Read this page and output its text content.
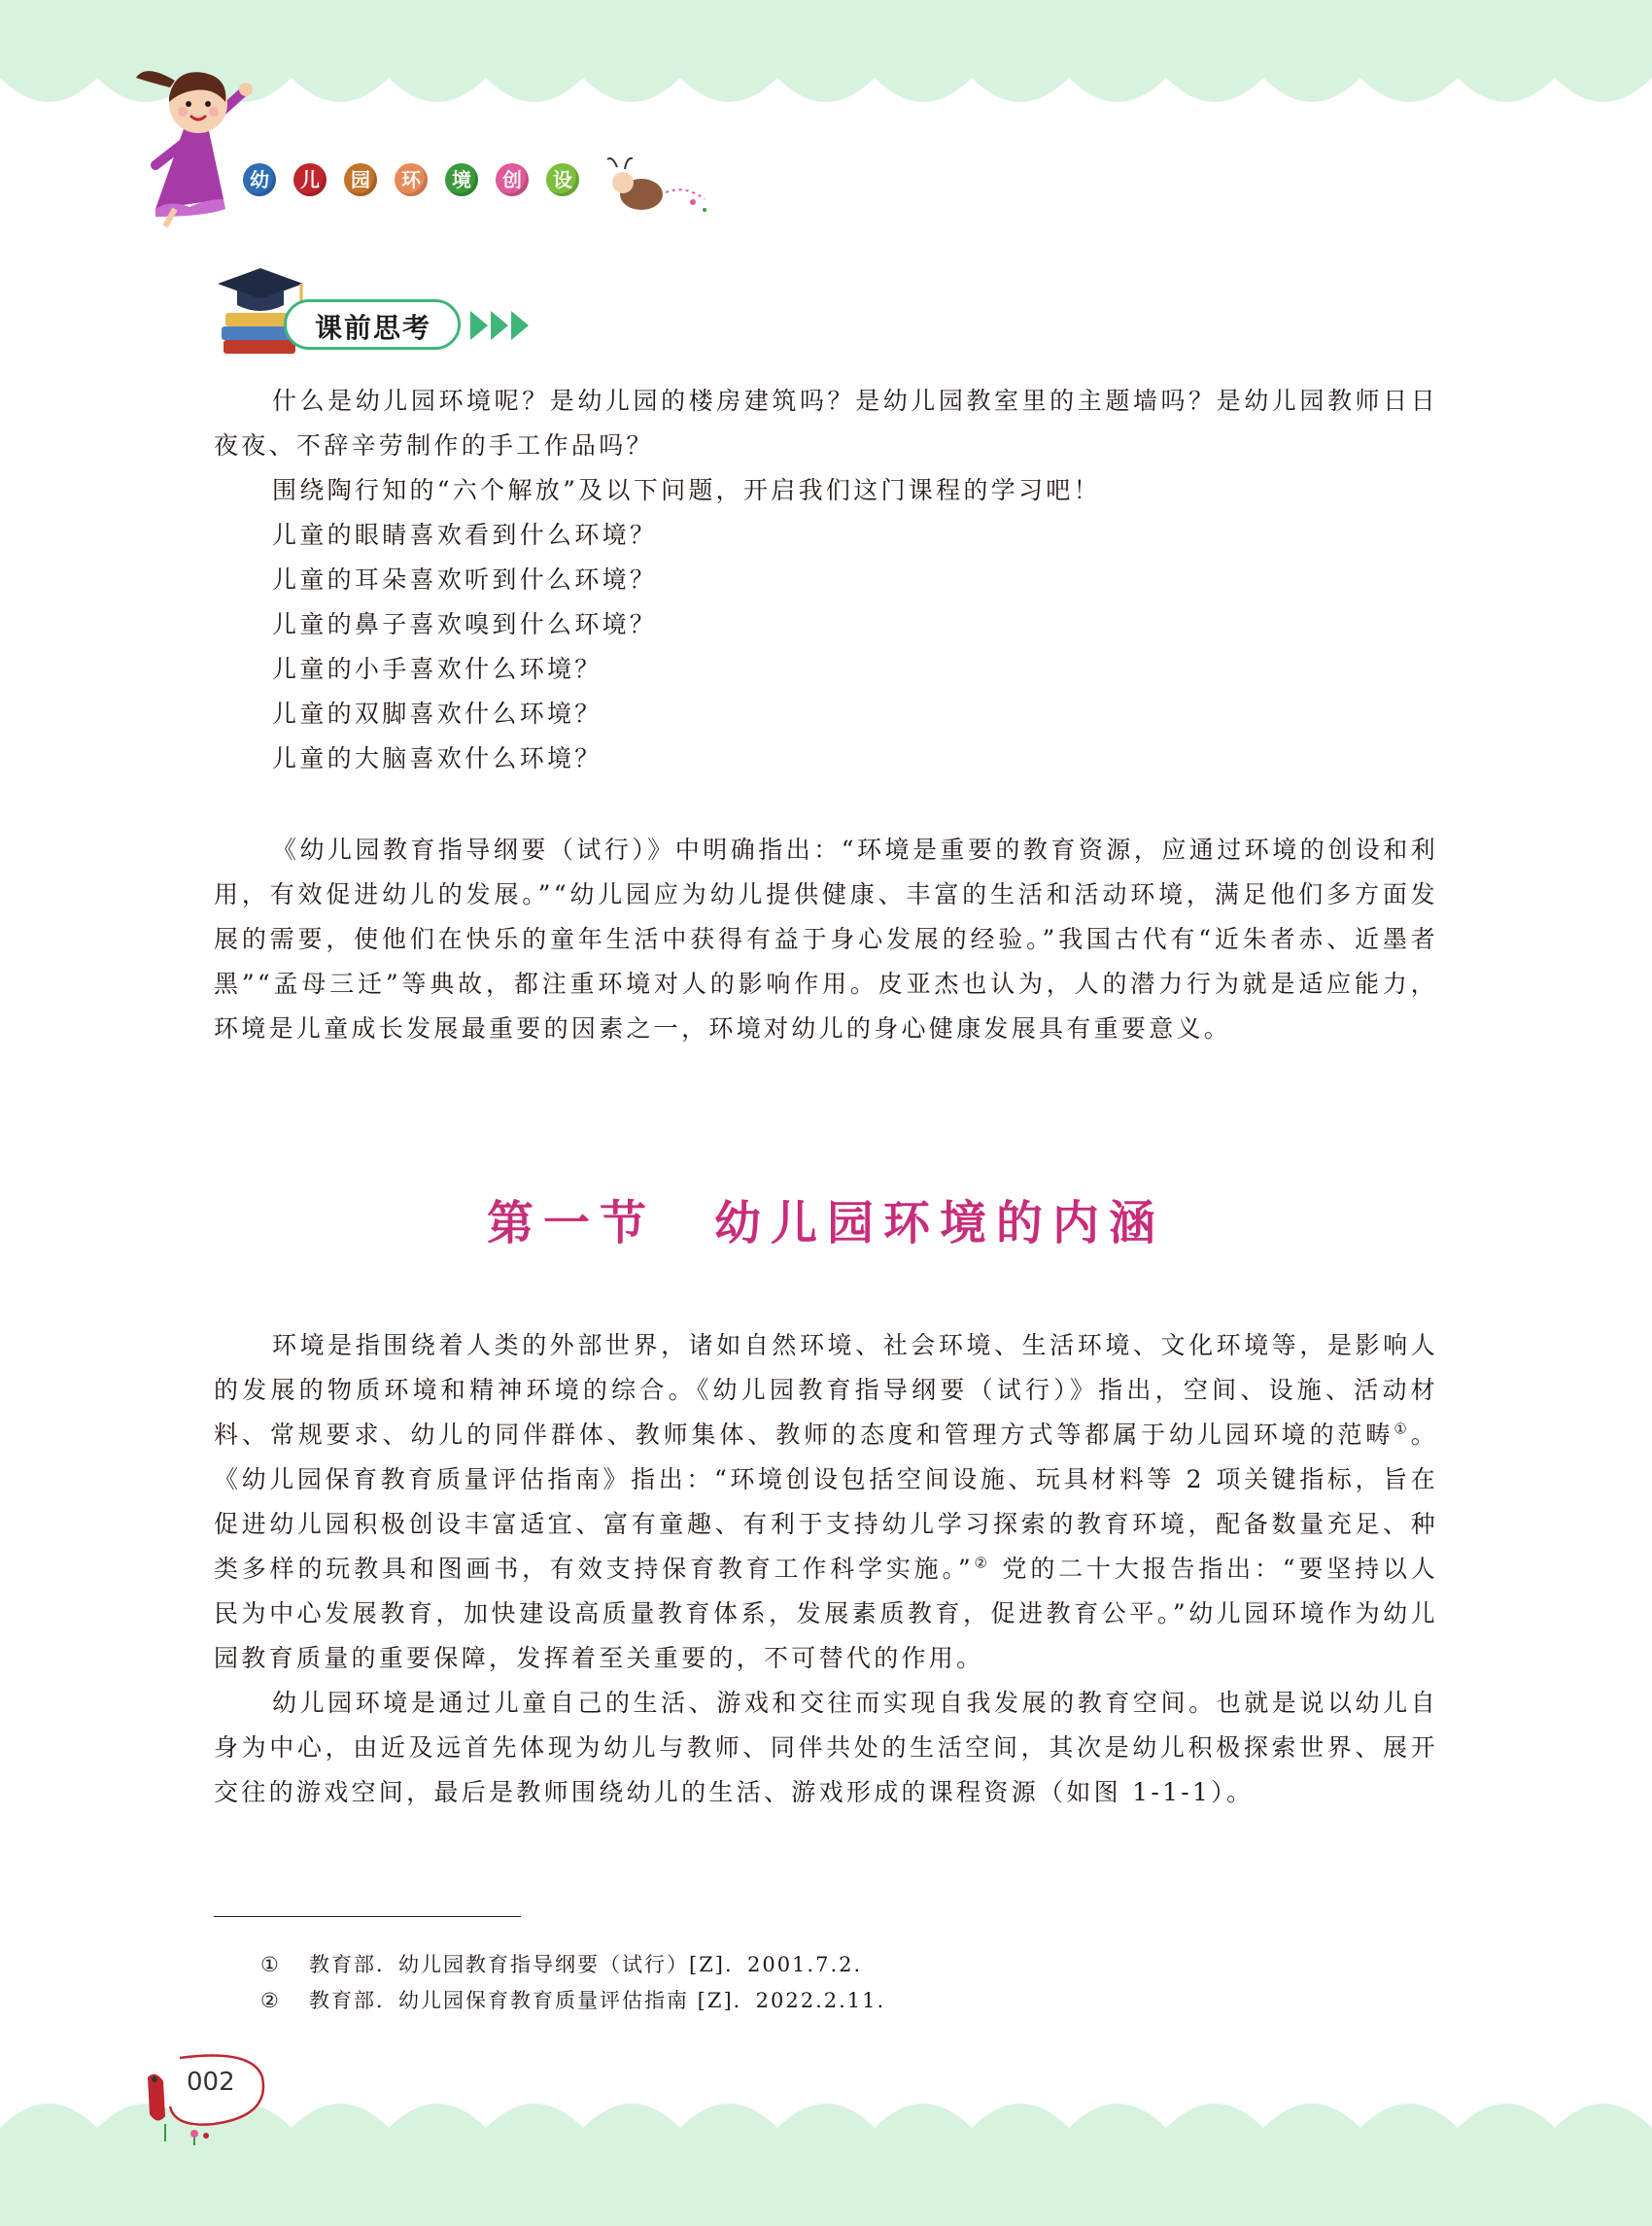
幼	儿	园	环	境	创	设
课前思考

什么是幼儿园环境呢？是幼儿园的楼房建筑吗？是幼儿园教室里的主题墙吗？是幼儿园教师日日夜夜、不辞辛劳制作的手工作品吗？

围绕陶行知的“六个解放”及以下问题，开启我们这门课程的学习吧！

儿童的眼睛喜欢看到什么环境？
儿童的耳朵喜欢听到什么环境？
儿童的鼻子喜欢嗅到什么环境？
儿童的小手喜欢什么环境？
儿童的双脚喜欢什么环境？
儿童的大脑喜欢什么环境？

《幼儿园教育指导纲要（试行）》中明确指出：“环境是重要的教育资源，应通过环境的创设和利用，有效促进幼儿的发展。”“幼儿园应为幼儿提供健康、丰富的生活和活动环境，满足他们多方面发展的需要，使他们在快乐的童年生活中获得有益于身心发展的经验。”我国古代有“近朱者赤、近墨者黑”“孟母三迁”等典故，都注重环境对人的影响作用。皮亚杰也认为，人的潜力行为就是适应能力，环境是儿童成长发展最重要的因素之一，环境对幼儿的身心健康发展具有重要意义。

第一节 幼儿园环境的内涵

环境是指围绕着人类的外部世界，诸如自然环境、社会环境、生活环境、文化环境等，是影响人的发展的物质环境和精神环境的综合。《幼儿园教育指导纲要（试行）》指出，空间、设施、活动材料、常规要求、幼儿的同伴群体、教师集体、教师的态度和管理方式等都属于幼儿园环境的范畴①。《幼儿园保育教育质量评估指南》指出：“环境创设包括空间设施、玩具材料等 2 项关键指标，旨在促进幼儿园积极创设丰富适宜、富有童趣、有利于支持幼儿学习探索的教育环境，配备数量充足、种类多样的玩教具和图画书，有效支持保育教育工作科学实施。”② 党的二十大报告指出：“要坚持以人民为中心发展教育，加快建设高质量教育体系，发展素质教育，促进教育公平。”幼儿园环境作为幼儿园教育质量的重要保障，发挥着至关重要的，不可替代的作用。

幼儿园环境是通过儿童自己的生活、游戏和交往而实现自我发展的教育空间。也就是说以幼儿自身为中心，由近及远首先体现为幼儿与教师、同伴共处的生活空间，其次是幼儿积极探索世界、展开交往的游戏空间，最后是教师围绕幼儿的生活、游戏形成的课程资源（如图 1-1-1）。

① 教育部．幼儿园教育指导纲要（试行）[Z]．2001.7.2.
② 教育部．幼儿园保育教育质量评估指南 [Z]．2022.2.11.
002
